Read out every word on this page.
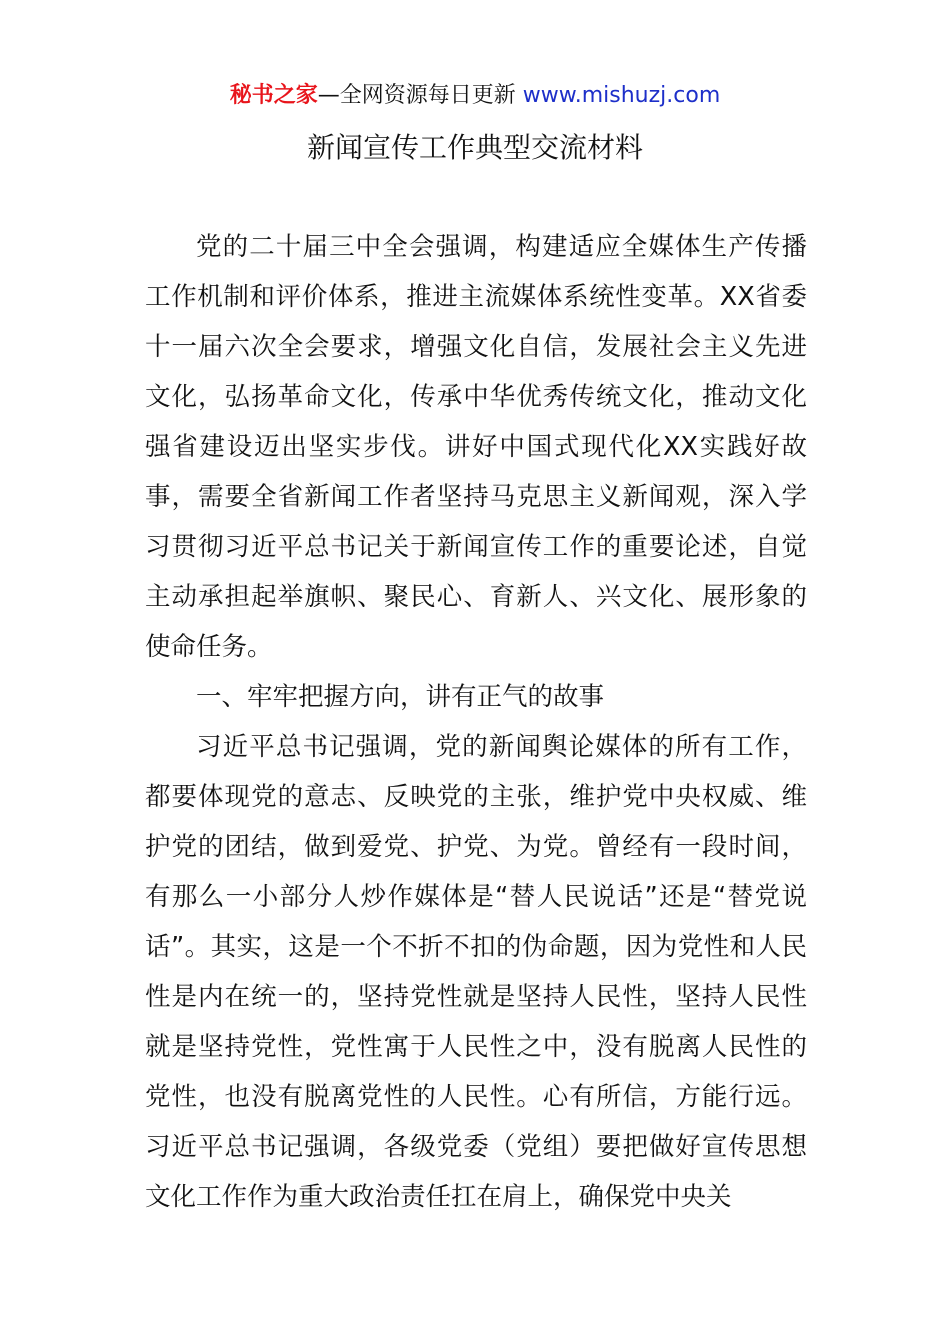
秘书之家—全网资源每日更新 www.mishuzj.com
新闻宣传工作典型交流材料

党的二十届三中全会强调，构建适应全媒体生产传播工作机制和评价体系，推进主流媒体系统性变革。XX省委十一届六次全会要求，增强文化自信，发展社会主义先进文化，弘扬革命文化，传承中华优秀传统文化，推动文化强省建设迈出坚实步伐。讲好中国式现代化XX实践好故事，需要全省新闻工作者坚持马克思主义新闻观，深入学习贯彻习近平总书记关于新闻宣传工作的重要论述，自觉主动承担起举旗帜、聚民心、育新人、兴文化、展形象的使命任务。

一、牢牢把握方向，讲有正气的故事

习近平总书记强调，党的新闻舆论媒体的所有工作，都要体现党的意志、反映党的主张，维护党中央权威、维护党的团结，做到爱党、护党、为党。曾经有一段时间，有那么一小部分人炒作媒体是“替人民说话”还是“替党说话”。其实，这是一个不折不扣的伪命题，因为党性和人民性是内在统一的，坚持党性就是坚持人民性，坚持人民性就是坚持党性，党性寓于人民性之中，没有脱离人民性的党性，也没有脱离党性的人民性。心有所信，方能行远。习近平总书记强调，各级党委（党组）要把做好宣传思想文化工作作为重大政治责任扛在肩上，确保党中央关
